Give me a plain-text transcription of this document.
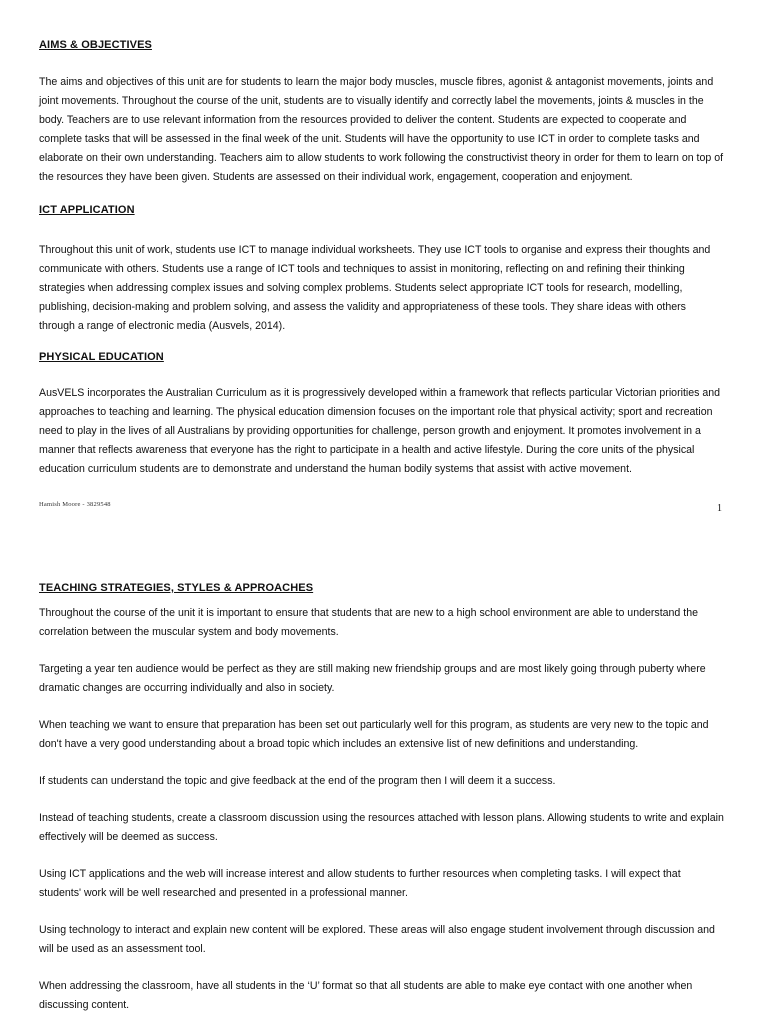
AIMS & OBJECTIVES

The aims and objectives of this unit are for students to learn the major body muscles, muscle fibres, agonist & antagonist movements, joints and joint movements. Throughout the course of the unit, students are to visually identify and correctly label the movements, joints & muscles in the body. Teachers are to use relevant information from the resources provided to deliver the content. Students are expected to cooperate and complete tasks that will be assessed in the final week of the unit. Students will have the opportunity to use ICT in order to complete tasks and elaborate on their own understanding. Teachers aim to allow students to work following the constructivist theory in order for them to learn on top of the resources they have been given. Students are assessed on their individual work, engagement, cooperation and enjoyment.

ICT APPLICATION

Throughout this unit of work, students use ICT to manage individual worksheets. They use ICT tools to organise and express their thoughts and communicate with others. Students use a range of ICT tools and techniques to assist in monitoring, reflecting on and refining their thinking strategies when addressing complex issues and solving complex problems. Students select appropriate ICT tools for research, modelling, publishing, decision-making and problem solving, and assess the validity and appropriateness of these tools. They share ideas with others through a range of electronic media (Ausvels, 2014).

PHYSICAL EDUCATION

AusVELS incorporates the Australian Curriculum as it is progressively developed within a framework that reflects particular Victorian priorities and approaches to teaching and learning. The physical education dimension focuses on the important role that physical activity; sport and recreation need to play in the lives of all Australians by providing opportunities for challenge, person growth and enjoyment. It promotes involvement in a manner that reflects awareness that everyone has the right to participate in a health and active lifestyle. During the core units of the physical education curriculum students are to demonstrate and understand the human bodily systems that assist with active movement.

Hamish Moore - 3829548	1
TEACHING STRATEGIES, STYLES & APPROACHES

Throughout the course of the unit it is important to ensure that students that are new to a high school environment are able to understand the correlation between the muscular system and body movements.

Targeting a year ten audience would be perfect as they are still making new friendship groups and are most likely going through puberty where dramatic changes are occurring individually and also in society.

When teaching we want to ensure that preparation has been set out particularly well for this program, as students are very new to the topic and don't have a very good understanding about a broad topic which includes an extensive list of new definitions and understanding.

If students can understand the topic and give feedback at the end of the program then I will deem it a success.

Instead of teaching students, create a classroom discussion using the resources attached with lesson plans. Allowing students to write and explain effectively will be deemed as success.

Using ICT applications and the web will increase interest and allow students to further resources when completing tasks. I will expect that students' work will be well researched and presented in a professional manner.

Using technology to interact and explain new content will be explored. These areas will also engage student involvement through discussion and will be used as an assessment tool.

When addressing the classroom, have all students in the ‘U’ format so that all students are able to make eye contact with one another when discussing content.
